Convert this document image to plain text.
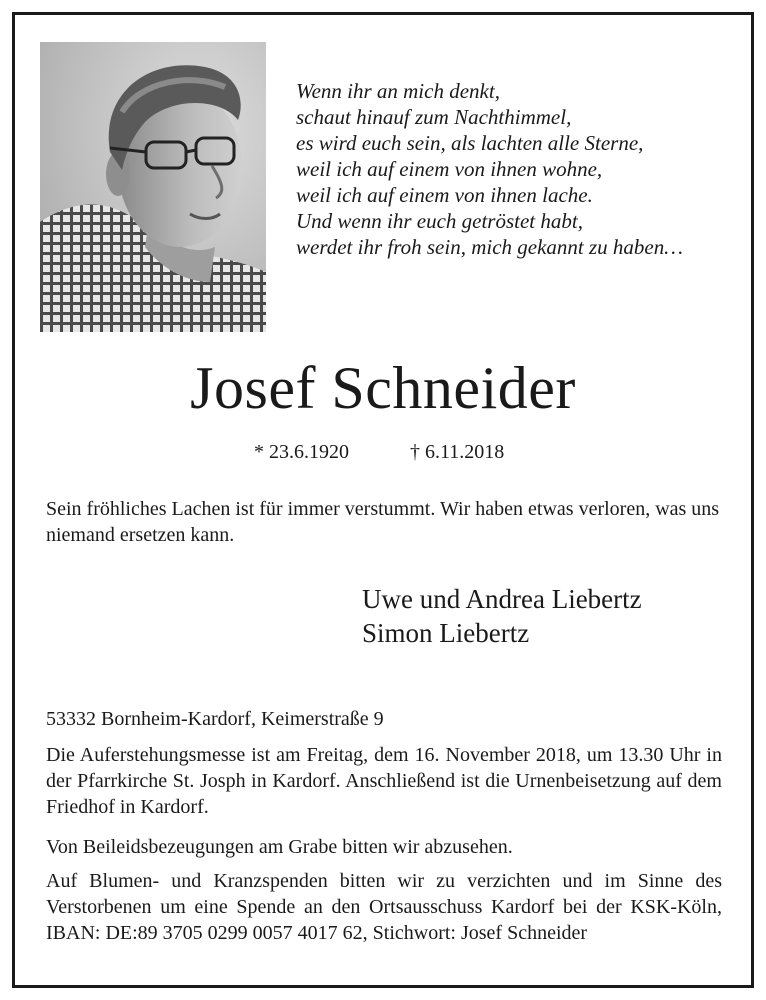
Wenn ihr an mich denkt,
schaut hinauf zum Nachthimmel,
es wird euch sein, als lachten alle Sterne,
weil ich auf einem von ihnen wohne,
weil ich auf einem von ihnen lache.
Und wenn ihr euch getröstet habt,
werdet ihr froh sein, mich gekannt zu haben…
Josef Schneider
* 23.6.1920	† 6.11.2018
Sein fröhliches Lachen ist für immer verstummt. Wir haben etwas verloren, was uns niemand ersetzen kann.
Uwe und Andrea Liebertz
Simon Liebertz
53332 Bornheim-Kardorf, Keimerstraße 9
Die Auferstehungsmesse ist am Freitag, dem 16. November 2018, um 13.30 Uhr in der Pfarrkirche St. Josph in Kardorf. Anschließend ist die Urnenbeisetzung auf dem Friedhof in Kardorf.
Von Beileidsbezeugungen am Grabe bitten wir abzusehen.
Auf Blumen- und Kranzspenden bitten wir zu verzichten und im Sinne des Verstorbenen um eine Spende an den Ortsausschuss Kardorf bei der KSK-Köln, IBAN: DE:89 3705 0299 0057 4017 62, Stichwort: Josef Schneider
